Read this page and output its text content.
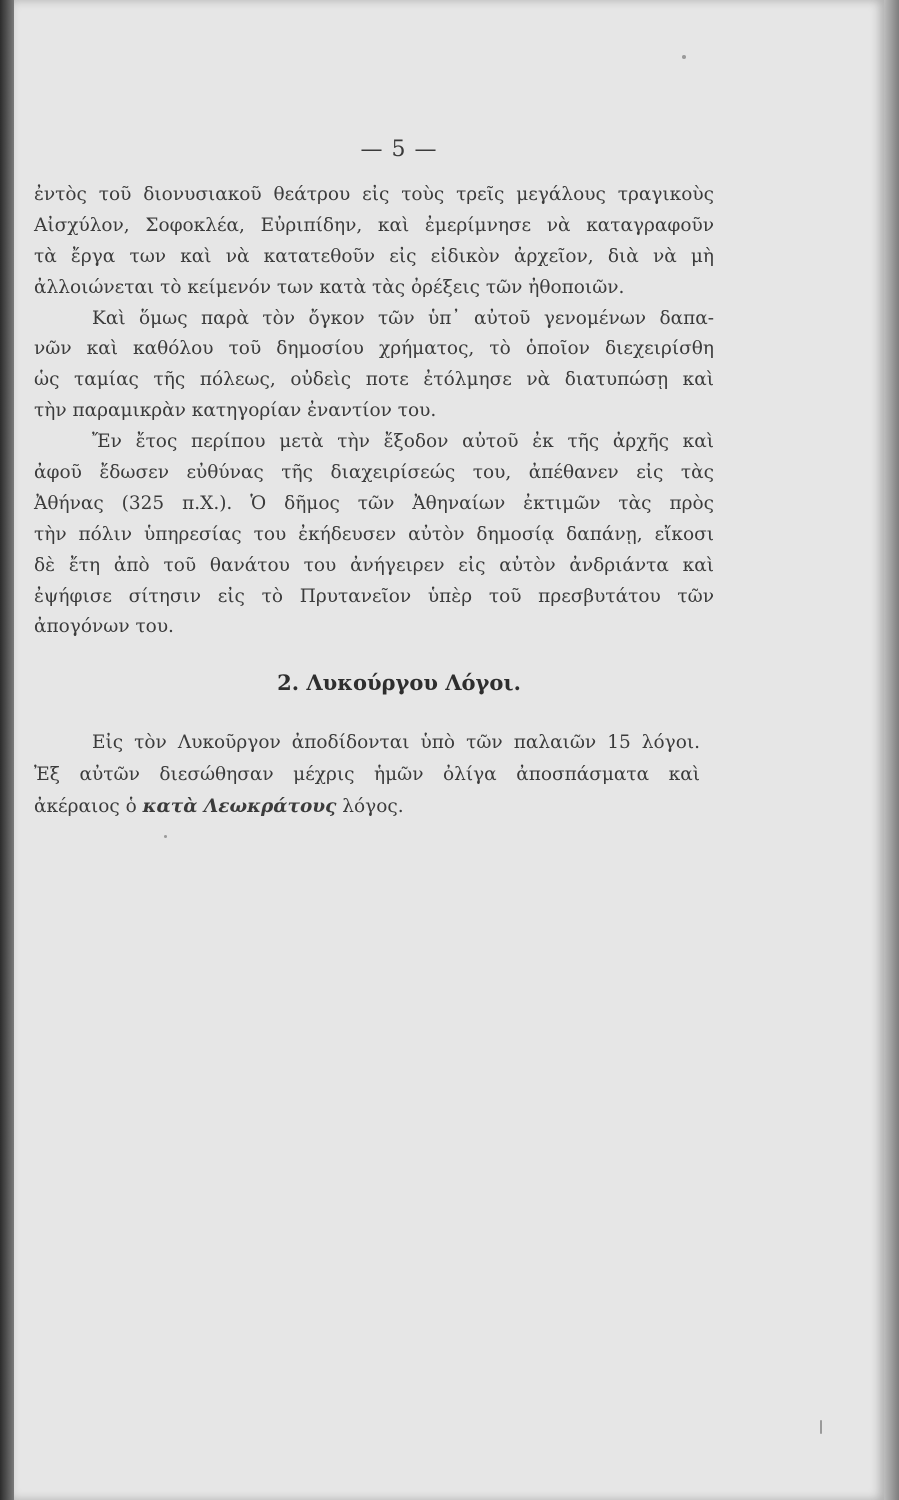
— 5 —
ἐντὸς τοῦ διονυσιακοῦ θεάτρου εἰς τοὺς τρεῖς μεγάλους τραγικοὺς
Αἰσχύλον, Σοφοκλέα, Εὐριπίδην, καὶ ἐμερίμνησε νὰ καταγραφοῦν
τὰ ἔργα των καὶ νὰ κατατεθοῦν εἰς εἰδικὸν ἀρχεῖον, διὰ νὰ μὴ
ἀλλοιώνεται τὸ κείμενόν των κατὰ τὰς ὀρέξεις τῶν ἠθοποιῶν.
Καὶ ὅμως παρὰ τὸν ὄγκον τῶν ὑπ᾽ αὐτοῦ γενομένων δαπα-
νῶν καὶ καθόλου τοῦ δημοσίου χρήματος, τὸ ὁποῖον διεχειρίσθη
ὡς ταμίας τῆς πόλεως, οὐδεὶς ποτε ἐτόλμησε νὰ διατυπώσῃ καὶ
τὴν παραμικρὰν κατηγορίαν ἐναντίον του.
Ἔν ἔτος περίπου μετὰ τὴν ἔξοδον αὐτοῦ ἐκ τῆς ἀρχῆς καὶ
ἀφοῦ ἔδωσεν εὐθύνας τῆς διαχειρίσεώς του, ἀπέθανεν εἰς τὰς
Ἀθήνας (325 π.Χ.). Ὁ δῆμος τῶν Ἀθηναίων ἐκτιμῶν τὰς πρὸς
τὴν πόλιν ὑπηρεσίας του ἐκήδευσεν αὐτὸν δημοσίᾳ δαπάνῃ, εἴκοσι
δὲ ἔτη ἀπὸ τοῦ θανάτου του ἀνήγειρεν εἰς αὐτὸν ἀνδριάντα καὶ
ἐψήφισε σίτησιν εἰς τὸ Πρυτανεῖον ὑπὲρ τοῦ πρεσβυτάτου τῶν
ἀπογόνων του.
2. Λυκούργου Λόγοι.
Εἰς τὸν Λυκοῦργον ἀποδίδονται ὑπὸ τῶν παλαιῶν 15 λόγοι.
Ἐξ αὐτῶν διεσώθησαν μέχρις ἡμῶν ὀλίγα ἀποσπάσματα καὶ
ἀκέραιος ὁ κατὰ Λεωκράτους λόγος.
